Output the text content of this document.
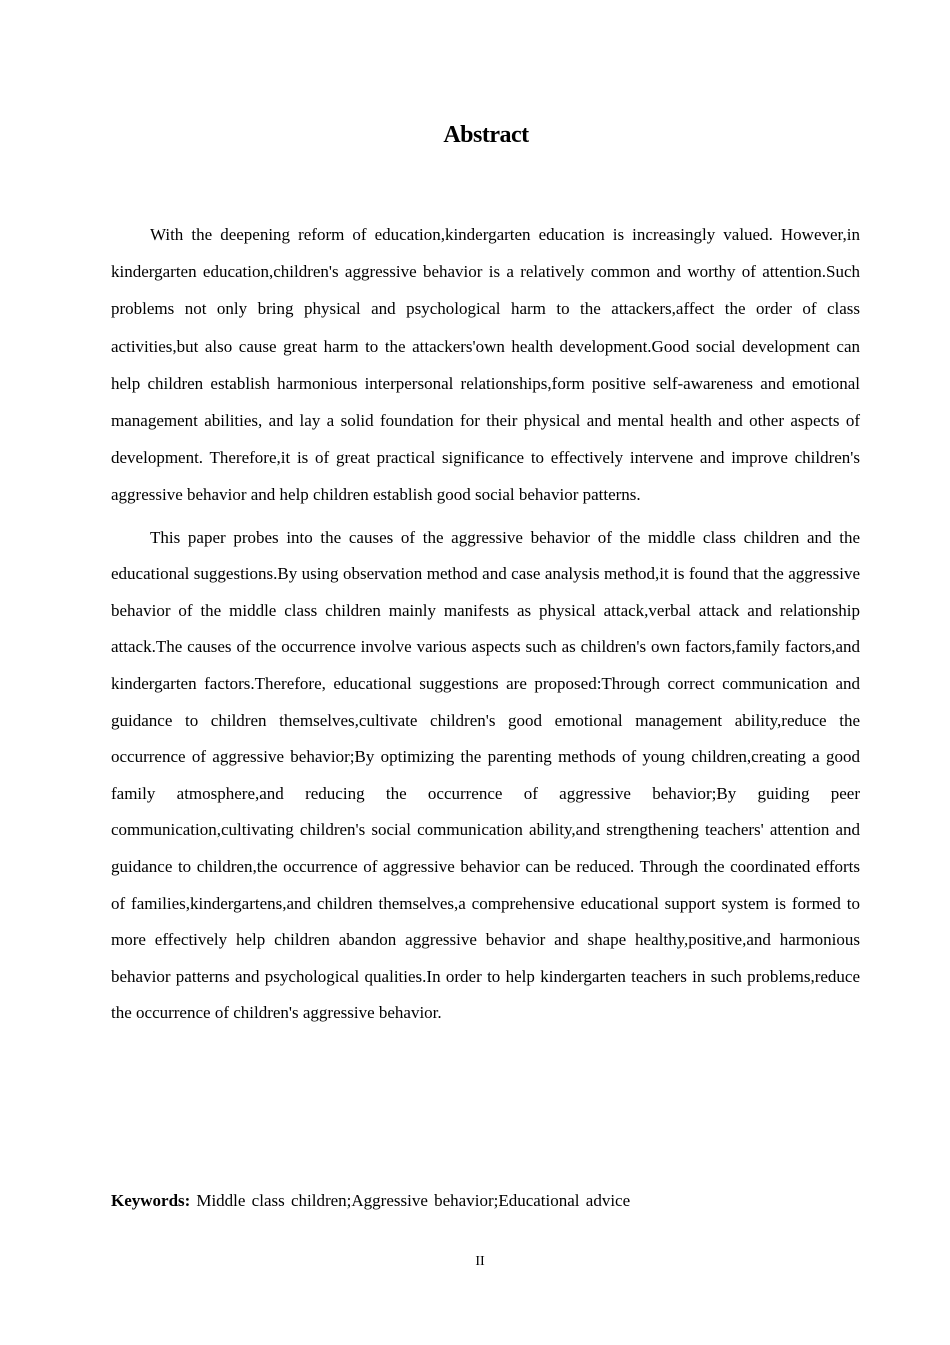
Abstract

With the deepening reform of education,kindergarten education is increasingly valued. However,in kindergarten education,children's aggressive behavior is a relatively common and worthy of attention.Such problems not only bring physical and psychological harm to the attackers,affect the order of class activities,but also cause great harm to the attackers'own health development.Good social development can help children establish harmonious interpersonal relationships,form positive self-awareness and emotional management abilities, and lay a solid foundation for their physical and mental health and other aspects of development. Therefore,it is of great practical significance to effectively intervene and improve children's aggressive behavior and help children establish good social behavior patterns.

This paper probes into the causes of the aggressive behavior of the middle class children and the educational suggestions.By using observation method and case analysis method,it is found that the aggressive behavior of the middle class children mainly manifests as physical attack,verbal attack and relationship attack.The causes of the occurrence involve various aspects such as children's own factors,family factors,and kindergarten factors.Therefore, educational suggestions are proposed:Through correct communication and guidance to children themselves,cultivate children's good emotional management ability,reduce the occurrence of aggressive behavior;By optimizing the parenting methods of young children,creating a good family atmosphere,and reducing the occurrence of aggressive behavior;By guiding peer communication,cultivating children's social communication ability,and strengthening teachers' attention and guidance to children,the occurrence of aggressive behavior can be reduced. Through the coordinated efforts of families,kindergartens,and children themselves,a comprehensive educational support system is formed to more effectively help children abandon aggressive behavior and shape healthy,positive,and harmonious behavior patterns and psychological qualities.In order to help kindergarten teachers in such problems,reduce the occurrence of children's aggressive behavior.

Keywords: Middle class children;Aggressive behavior;Educational advice

II
